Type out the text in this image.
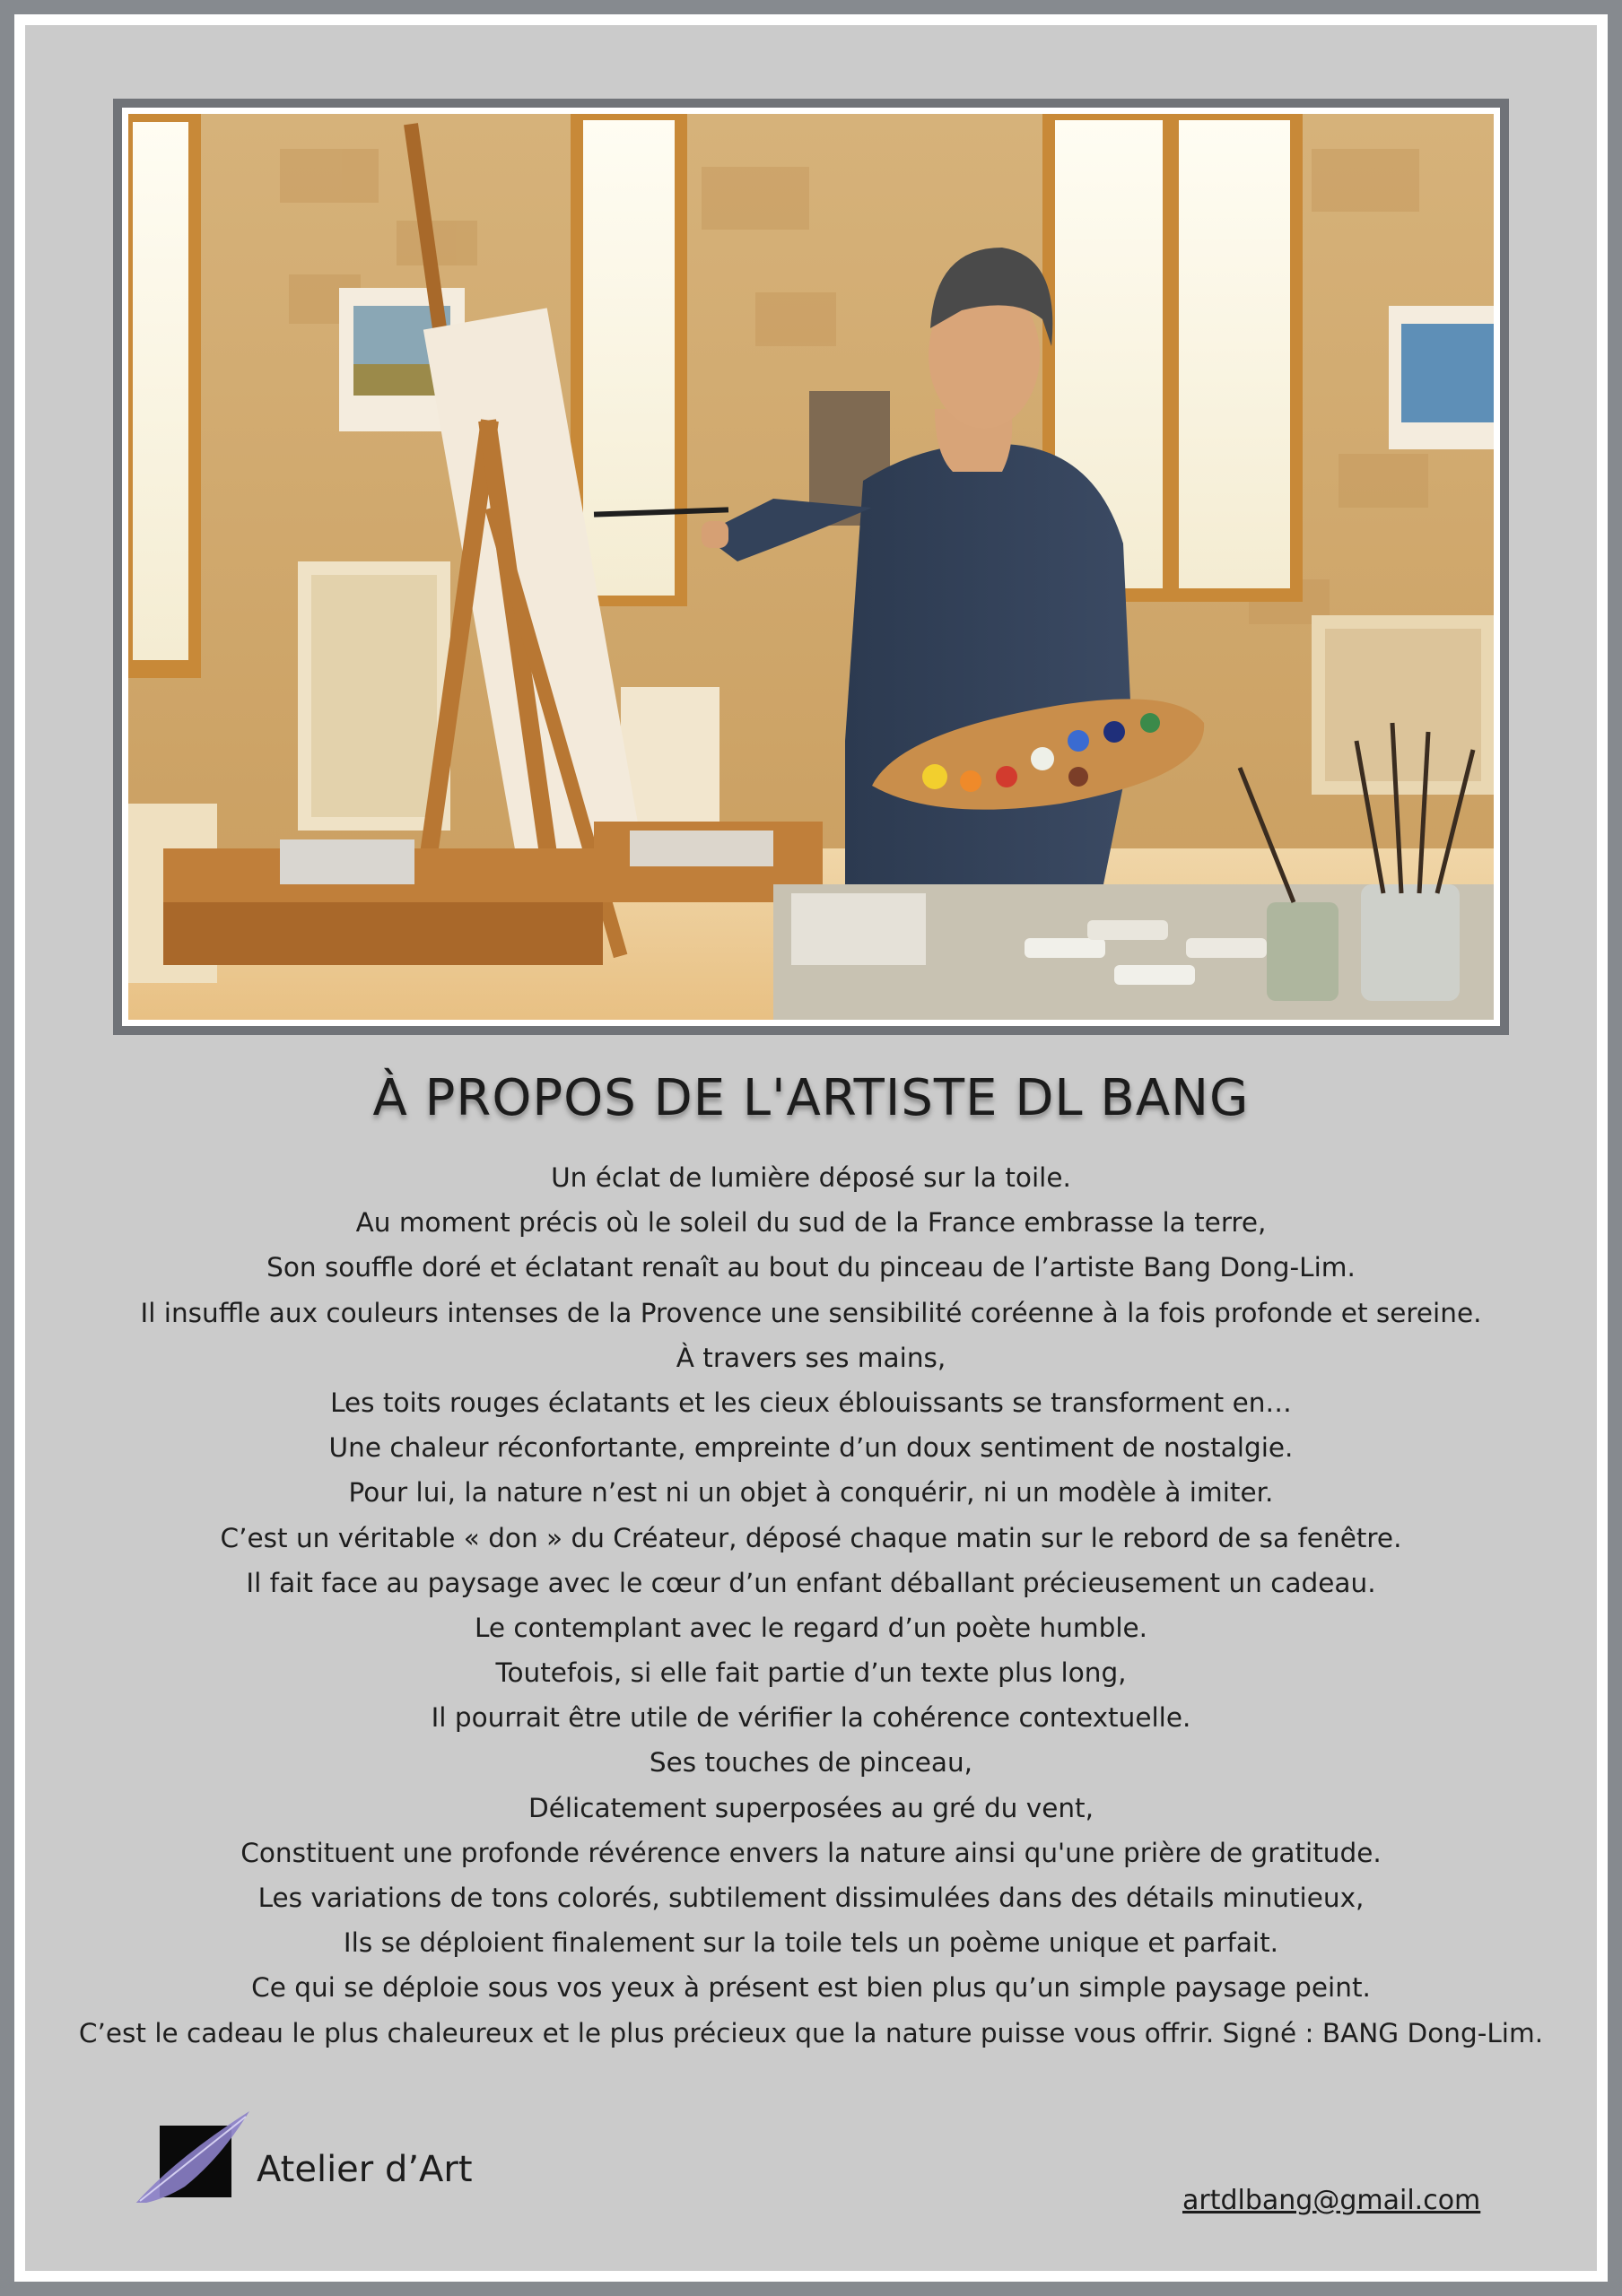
À PROPOS DE L'ARTISTE DL BANG
Un éclat de lumière déposé sur la toile.
Au moment précis où le soleil du sud de la France embrasse la terre,
Son souffle doré et éclatant renaît au bout du pinceau de l’artiste Bang Dong-Lim.
Il insuffle aux couleurs intenses de la Provence une sensibilité coréenne à la fois profonde et sereine.
À travers ses mains,
Les toits rouges éclatants et les cieux éblouissants se transforment en…
Une chaleur réconfortante, empreinte d’un doux sentiment de nostalgie.
Pour lui, la nature n’est ni un objet à conquérir, ni un modèle à imiter.
C’est un véritable « don » du Créateur, déposé chaque matin sur le rebord de sa fenêtre.
Il fait face au paysage avec le cœur d’un enfant déballant précieusement un cadeau.
Le contemplant avec le regard d’un poète humble.
Toutefois, si elle fait partie d’un texte plus long,
Il pourrait être utile de vérifier la cohérence contextuelle.
Ses touches de pinceau,
Délicatement superposées au gré du vent,
Constituent une profonde révérence envers la nature ainsi qu'une prière de gratitude.
Les variations de tons colorés, subtilement dissimulées dans des détails minutieux,
Ils se déploient finalement sur la toile tels un poème unique et parfait.
Ce qui se déploie sous vos yeux à présent est bien plus qu’un simple paysage peint.
C’est le cadeau le plus chaleureux et le plus précieux que la nature puisse vous offrir. Signé : BANG Dong-Lim.
Atelier d’Art
artdlbang@gmail.com
